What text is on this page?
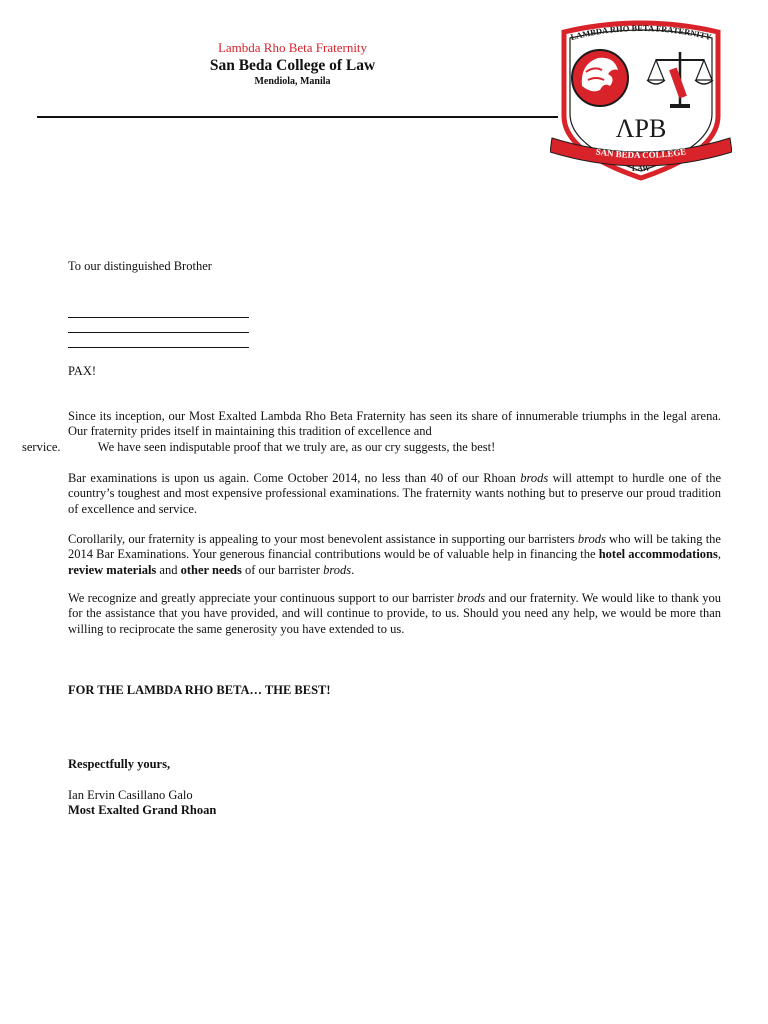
Lambda Rho Beta Fraternity
San Beda College of Law
Mendiola, Manila
LAMBDA RHO BETA FRATERNITY
ΛPB
SAN BEDA COLLEGE
LAW
To our distinguished Brother
PAX!
Since its inception, our Most Exalted Lambda Rho Beta Fraternity has seen its share of innumerable triumphs in the legal arena. Our fraternity prides itself in maintaining this tradition of excellence and
service.            We have seen indisputable proof that we truly are, as our cry suggests, the best!
Bar examinations is upon us again. Come October 2014, no less than 40 of our Rhoan brods will attempt to hurdle one of the country’s toughest and most expensive professional examinations. The fraternity wants nothing but to preserve our proud tradition of excellence and service.
Corollarily, our fraternity is appealing to your most benevolent assistance in supporting our barristers brods who will be taking the 2014 Bar Examinations. Your generous financial contributions would be of valuable help in financing the hotel accommodations, review materials and other needs of our barrister brods.
We recognize and greatly appreciate your continuous support to our barrister brods and our fraternity. We would like to thank you for the assistance that you have provided, and will continue to provide, to us. Should you need any help, we would be more than willing to reciprocate the same generosity you have extended to us.
FOR THE LAMBDA RHO BETA… THE BEST!
Respectfully yours,
Ian Ervin Casillano Galo
Most Exalted Grand Rhoan
